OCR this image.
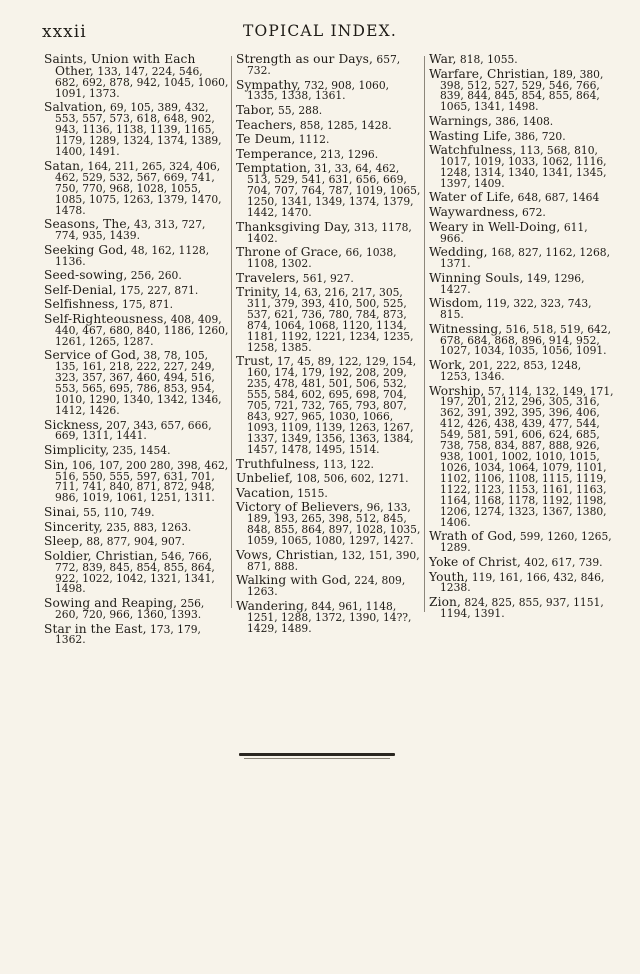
xxxii	TOPICAL INDEX.
Saints, Union with Each Other, 133, 147, 224, 546, 682, 692, 878, 942, 1045, 1060, 1091, 1373.
Salvation, 69, 105, 389, 432, 553, 557, 573, 618, 648, 902, 943, 1136, 1138, 1139, 1165, 1179, 1289, 1324, 1374, 1389, 1400, 1491.
Satan, 164, 211, 265, 324, 406, 462, 529, 532, 567, 669, 741, 750, 770, 968, 1028, 1055, 1085, 1075, 1263, 1379, 1470, 1478.
Seasons, The, 43, 313, 727, 774, 935, 1439.
Seeking God, 48, 162, 1128, 1136.
Seed-sowing, 256, 260.
Self-Denial, 175, 227, 871.
Selfishness, 175, 871.
Self-Righteousness, 408, 409, 440, 467, 680, 840, 1186, 1260, 1261, 1265, 1287.
Service of God, 38, 78, 105, 135, 161, 218, 222, 227, 249, 323, 357, 367, 460, 494, 516, 553, 565, 695, 786, 853, 954, 1010, 1290, 1340, 1342, 1346, 1412, 1426.
Sickness, 207, 343, 657, 666, 669, 1311, 1441.
Simplicity, 235, 1454.
Sin, 106, 107, 200 280, 398, 462, 516, 550, 555, 597, 631, 701, 711, 741, 840, 871, 872, 948, 986, 1019, 1061, 1251, 1311.
Sinai, 55, 110, 749.
Sincerity, 235, 883, 1263.
Sleep, 88, 877, 904, 907.
Soldier, Christian, 546, 766, 772, 839, 845, 854, 855, 864, 922, 1022, 1042, 1321, 1341, 1498.
Sowing and Reaping, 256, 260, 720, 966, 1360, 1393.
Star in the East, 173, 179, 1362.
Strength as our Days, 657, 732.
Sympathy, 732, 908, 1060, 1335, 1338, 1361.
Tabor, 55, 288.
Teachers, 858, 1285, 1428.
Te Deum, 1112.
Temperance, 213, 1296.
Temptation, 31, 33, 64, 462, 513, 529, 541, 631, 656, 669, 704, 707, 764, 787, 1019, 1065, 1250, 1341, 1349, 1374, 1379, 1442, 1470.
Thanksgiving Day, 313, 1178, 1402.
Throne of Grace, 66, 1038, 1108, 1302.
Travelers, 561, 927.
Trinity, 14, 63, 216, 217, 305, 311, 379, 393, 410, 500, 525, 537, 621, 736, 780, 784, 873, 874, 1064, 1068, 1120, 1134, 1181, 1192, 1221, 1234, 1235, 1258, 1385.
Trust, 17, 45, 89, 122, 129, 154, 160, 174, 179, 192, 208, 209, 235, 478, 481, 501, 506, 532, 555, 584, 602, 695, 698, 704, 705, 721, 732, 765, 793, 807, 843, 927, 965, 1030, 1066, 1093, 1109, 1139, 1263, 1267, 1337, 1349, 1356, 1363, 1384, 1457, 1478, 1495, 1514.
Truthfulness, 113, 122.
Unbelief, 108, 506, 602, 1271.
Vacation, 1515.
Victory of Believers, 96, 133, 189, 193, 265, 398, 512, 845, 848, 855, 864, 897, 1028, 1035, 1059, 1065, 1080, 1297, 1427.
Vows, Christian, 132, 151, 390, 871, 888.
Walking with God, 224, 809, 1263.
Wandering, 844, 961, 1148, 1251, 1288, 1372, 1390, 14??, 1429, 1489.
War, 818, 1055.
Warfare, Christian, 189, 380, 398, 512, 527, 529, 546, 766, 839, 844, 845, 854, 855, 864, 1065, 1341, 1498.
Warnings, 386, 1408.
Wasting Life, 386, 720.
Watchfulness, 113, 568, 810, 1017, 1019, 1033, 1062, 1116, 1248, 1314, 1340, 1341, 1345, 1397, 1409.
Water of Life, 648, 687, 1464
Waywardness, 672.
Weary in Well-Doing, 611, 966.
Wedding, 168, 827, 1162, 1268, 1371.
Winning Souls, 149, 1296, 1427.
Wisdom, 119, 322, 323, 743, 815.
Witnessing, 516, 518, 519, 642, 678, 684, 868, 896, 914, 952, 1027, 1034, 1035, 1056, 1091.
Work, 201, 222, 853, 1248, 1253, 1346.
Worship, 57, 114, 132, 149, 171, 197, 201, 212, 296, 305, 316, 362, 391, 392, 395, 396, 406, 412, 426, 438, 439, 477, 544, 549, 581, 591, 606, 624, 685, 738, 758, 834, 887, 888, 926, 938, 1001, 1002, 1010, 1015, 1026, 1034, 1064, 1079, 1101, 1102, 1106, 1108, 1115, 1119, 1122, 1123, 1153, 1161, 1163, 1164, 1168, 1178, 1192, 1198, 1206, 1274, 1323, 1367, 1380, 1406.
Wrath of God, 599, 1260, 1265, 1289.
Yoke of Christ, 402, 617, 739.
Youth, 119, 161, 166, 432, 846, 1238.
Zion, 824, 825, 855, 937, 1151, 1194, 1391.
